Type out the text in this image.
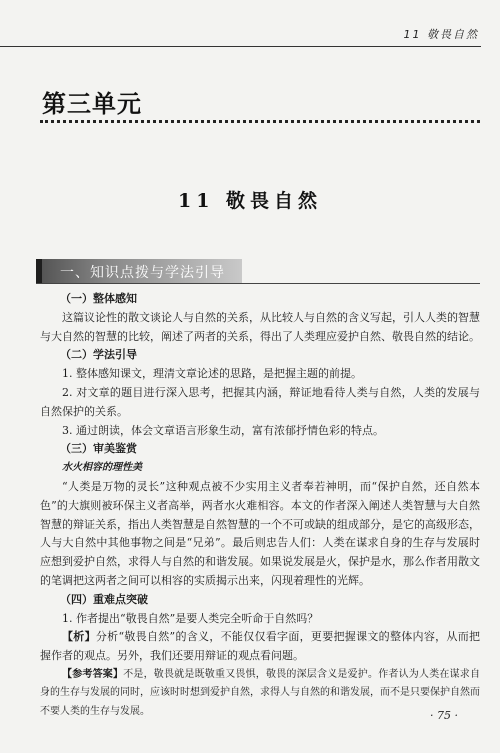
11 敬畏自然
第三单元
11 敬畏自然
一、知识点拨与学法引导

（一）整体感知

这篇议论性的散文谈论人与自然的关系，从比较人与自然的含义写起，引人人类的智慧与大自然的智慧的比较，阐述了两者的关系，得出了人类理应爱护自然、敬畏自然的结论。

（二）学法引导

1. 整体感知课文，理清文章论述的思路，是把握主题的前提。

2. 对文章的题目进行深入思考，把握其内涵，辩证地看待人类与自然，人类的发展与自然保护的关系。

3. 通过朗读，体会文章语言形象生动，富有浓郁抒情色彩的特点。

（三）审美鉴赏

水火相容的理性美

“人类是万物的灵长”这种观点被不少实用主义者奉若神明，而“保护自然，还自然本色”的大旗则被环保主义者高举，两者水火难相容。本文的作者深入阐述人类智慧与大自然智慧的辩证关系，指出人类智慧是自然智慧的一个不可或缺的组成部分，是它的高级形态，人与大自然中其他事物之间是“兄弟”。最后则忠告人们：人类在谋求自身的生存与发展时应想到爱护自然，求得人与自然的和谐发展。如果说发展是火，保护是水，那么作者用散文的笔调把这两者之间可以相容的实质揭示出来，闪现着理性的光辉。

（四）重难点突破

1. 作者提出“敬畏自然”是要人类完全听命于自然吗？

【析】分析“敬畏自然”的含义，不能仅仅看字面，更要把握课文的整体内容，从而把握作者的观点。另外，我们还要用辩证的观点看问题。

【参考答案】不是，敬畏就是既敬重又畏惧，敬畏的深层含义是爱护。作者认为人类在谋求自身的生存与发展的同时，应该时时想到爱护自然，求得人与自然的和谐发展，而不是只要保护自然而不要人类的生存与发展。	· 75 ·
